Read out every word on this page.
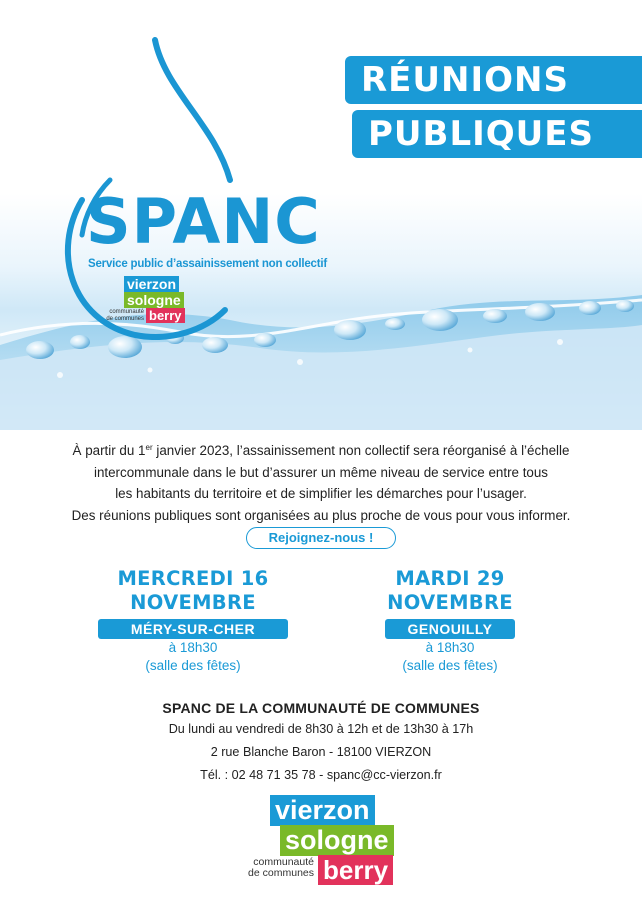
RÉUNIONS
PUBLIQUES
SPANC
Service public d’assainissement non collectif
vierzon
sologne
berry
communauté
de communes
À partir du 1er janvier 2023, l’assainissement non collectif sera réorganisé à l’échelle
intercommunale dans le but d’assurer un même niveau de service entre tous
les habitants du territoire et de simplifier les démarches pour l’usager.
Des réunions publiques sont organisées au plus proche de vous pour vous informer.
Rejoignez-nous !
MERCREDI 16
NOVEMBRE
MÉRY-SUR-CHER
à 18h30
(salle des fêtes)
MARDI 29
NOVEMBRE
GENOUILLY
à 18h30
(salle des fêtes)
SPANC DE LA COMMUNAUTÉ DE COMMUNES
Du lundi au vendredi de 8h30 à 12h et de 13h30 à 17h
2 rue Blanche Baron - 18100 VIERZON
Tél. : 02 48 71 35 78 - spanc@cc-vierzon.fr
vierzon
sologne
berry
communauté
de communes
